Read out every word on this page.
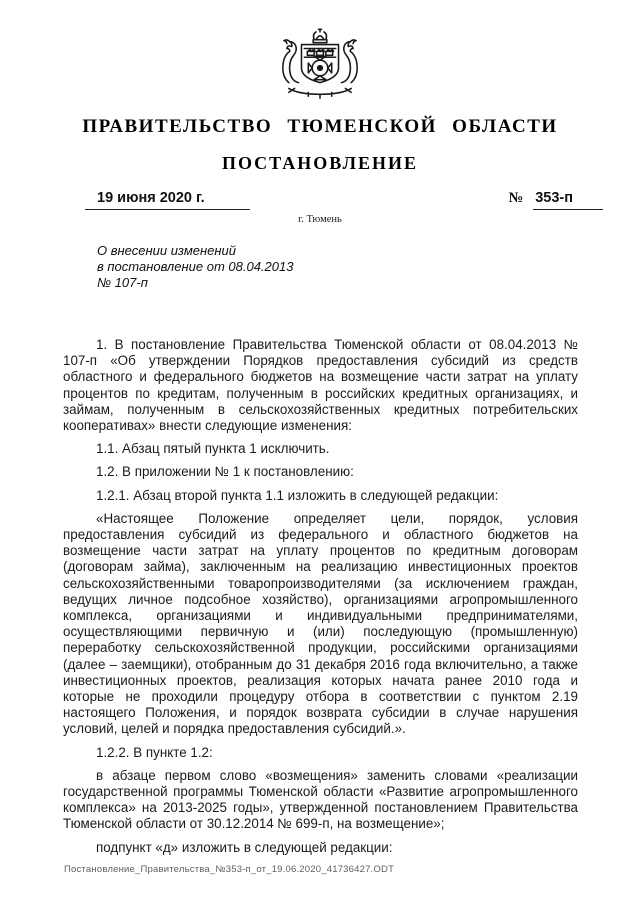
ПРАВИТЕЛЬСТВО ТЮМЕНСКОЙ ОБЛАСТИ
ПОСТАНОВЛЕНИЕ
19 июня 2020 г.	№ 353-п
г. Тюмень
О внесении изменений
в постановление от 08.04.2013
№ 107-п

1. В постановление Правительства Тюменской области от 08.04.2013 № 107-п «Об утверждении Порядков предоставления субсидий из средств областного и федерального бюджетов на возмещение части затрат на уплату процентов по кредитам, полученным в российских кредитных организациях, и займам, полученным в сельскохозяйственных кредитных потребительских кооперативах» внести следующие изменения:

1.1. Абзац пятый пункта 1 исключить.

1.2. В приложении № 1 к постановлению:

1.2.1. Абзац второй пункта 1.1 изложить в следующей редакции:

«Настоящее Положение определяет цели, порядок, условия предоставления субсидий из федерального и областного бюджетов на возмещение части затрат на уплату процентов по кредитным договорам (договорам займа), заключенным на реализацию инвестиционных проектов сельскохозяйственными товаропроизводителями (за исключением граждан, ведущих личное подсобное хозяйство), организациями агропромышленного комплекса, организациями и индивидуальными предпринимателями, осуществляющими первичную и (или) последующую (промышленную) переработку сельскохозяйственной продукции, российскими организациями (далее – заемщики), отобранным до 31 декабря 2016 года включительно, а также инвестиционных проектов, реализация которых начата ранее 2010 года и которые не проходили процедуру отбора в соответствии с пунктом 2.19 настоящего Положения, и порядок возврата субсидии в случае нарушения условий, целей и порядка предоставления субсидий.».

1.2.2. В пункте 1.2:

в абзаце первом слово «возмещения» заменить словами «реализации государственной программы Тюменской области «Развитие агропромышленного комплекса» на 2013-2025 годы», утвержденной постановлением Правительства Тюменской области от 30.12.2014 № 699-п, на возмещение»;

подпункт «д» изложить в следующей редакции:

Постановление_Правительства_№353-п_от_19.06.2020_41736427.ODT
